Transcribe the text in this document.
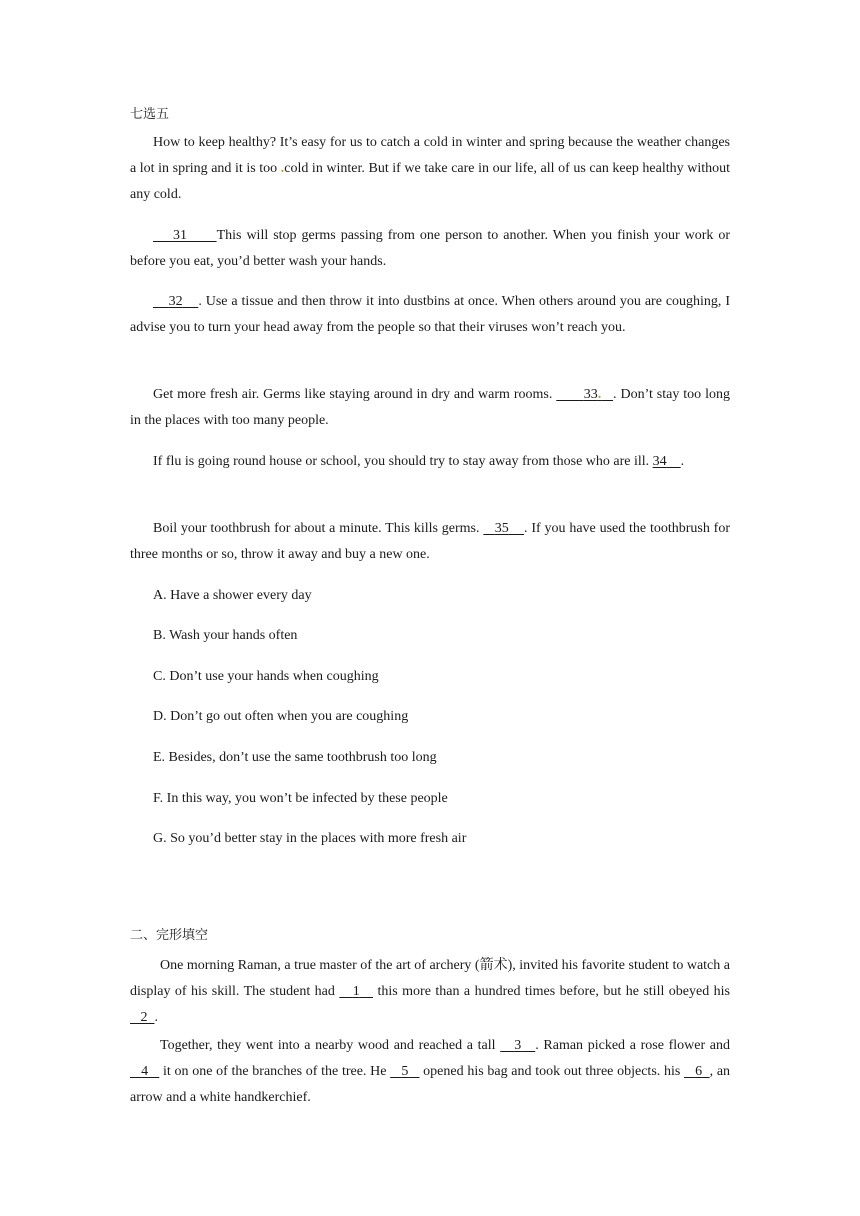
七选五
How to keep healthy? It’s easy for us to catch a cold in winter and spring because the weather changes a lot in spring and it is too .cold in winter. But if we take care in our life, all of us can keep healthy without any cold.
31 This will stop germs passing from one person to another. When you finish your work or before you eat, you’d better wash your hands.
32 . Use a tissue and then throw it into dustbins at once. When others around you are coughing, I advise you to turn your head away from the people so that their viruses won’t reach you.
Get more fresh air. Germs like staying around in dry and warm rooms.        33. . Don’t stay too long in the places with too many people.
If flu is going round house or school, you should try to stay away from those who are ill. 34 .
Boil your toothbrush for about a minute. This kills germs.    35 . If you have used the toothbrush for three months or so, throw it away and buy a new one.
A. Have a shower every day
B. Wash your hands often
C. Don’t use your hands when coughing
D. Don’t go out often when you are coughing
E. Besides, don’t use the same toothbrush too long
F. In this way, you won’t be infected by these people
G. So you’d better stay in the places with more fresh air
二、完形填空
One morning Raman, a true master of the art of archery (箭术), invited his favorite student to watch a display of his skill. The student had    1    this more than a hundred times before, but he still obeyed his    2 .
Together, they went into a nearby wood and reached a tall    3 . Raman picked a rose flower and    4    it on one of the branches of the tree. He    5    opened his bag and took out three objects. his    6 , an arrow and a white handkerchief.
